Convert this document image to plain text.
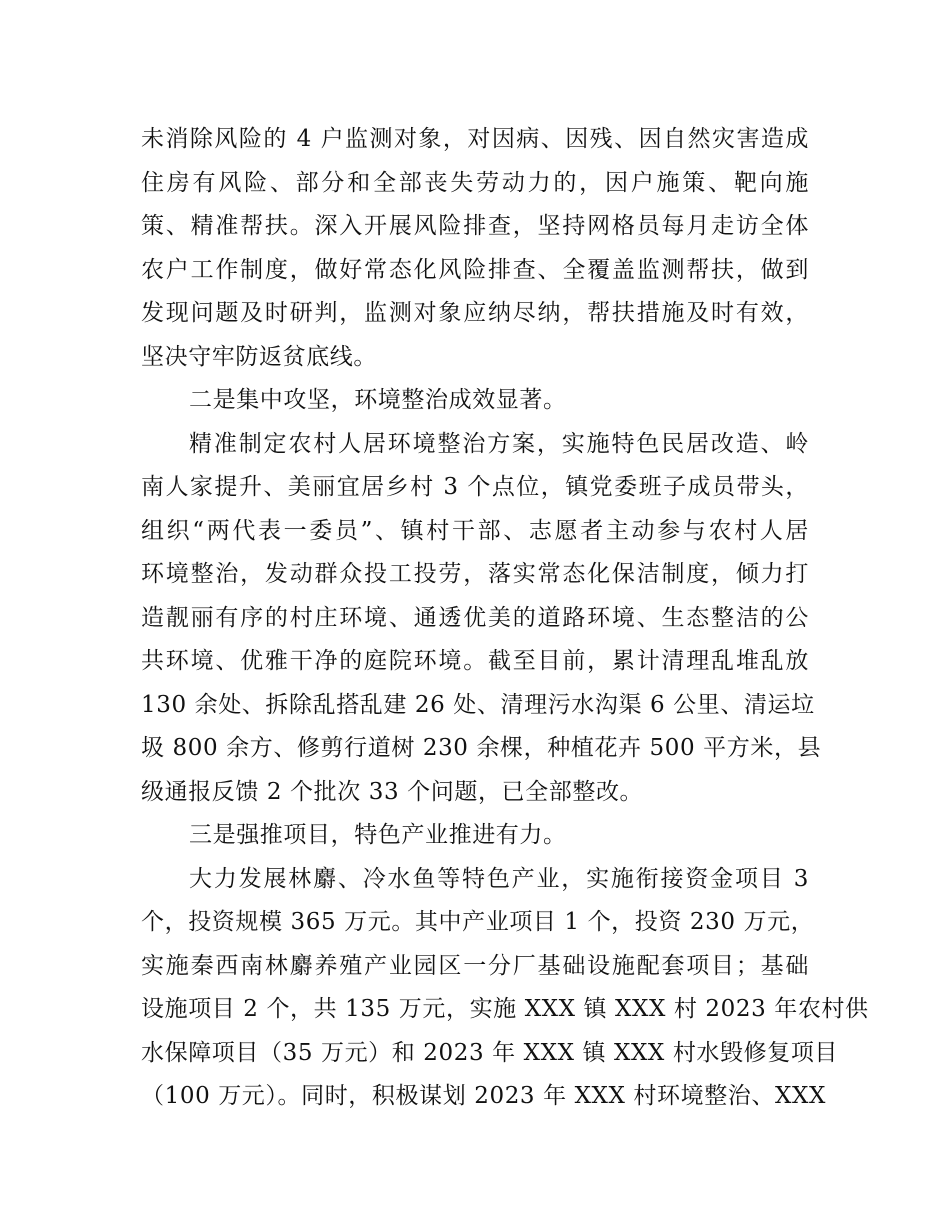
未消除风险的 4 户监测对象，对因病、因残、因自然灾害造成
住房有风险、部分和全部丧失劳动力的，因户施策、靶向施
策、精准帮扶。深入开展风险排查，坚持网格员每月走访全体
农户工作制度，做好常态化风险排查、全覆盖监测帮扶，做到
发现问题及时研判，监测对象应纳尽纳，帮扶措施及时有效，
坚决守牢防返贫底线。
二是集中攻坚，环境整治成效显著。
精准制定农村人居环境整治方案，实施特色民居改造、岭
南人家提升、美丽宜居乡村 3 个点位，镇党委班子成员带头，
组织“两代表一委员”、镇村干部、志愿者主动参与农村人居
环境整治，发动群众投工投劳，落实常态化保洁制度，倾力打
造靓丽有序的村庄环境、通透优美的道路环境、生态整洁的公
共环境、优雅干净的庭院环境。截至目前，累计清理乱堆乱放
130 余处、拆除乱搭乱建 26 处、清理污水沟渠 6 公里、清运垃
圾 800 余方、修剪行道树 230 余棵，种植花卉 500 平方米，县
级通报反馈 2 个批次 33 个问题，已全部整改。
三是强推项目，特色产业推进有力。
大力发展林麝、冷水鱼等特色产业，实施衔接资金项目 3
个，投资规模 365 万元。其中产业项目 1 个，投资 230 万元，
实施秦西南林麝养殖产业园区一分厂基础设施配套项目；基础
设施项目 2 个，共 135 万元，实施 XXX 镇 XXX 村 2023 年农村供
水保障项目（35 万元）和 2023 年 XXX 镇 XXX 村水毁修复项目
（100 万元）。同时，积极谋划 2023 年 XXX 村环境整治、XXX
